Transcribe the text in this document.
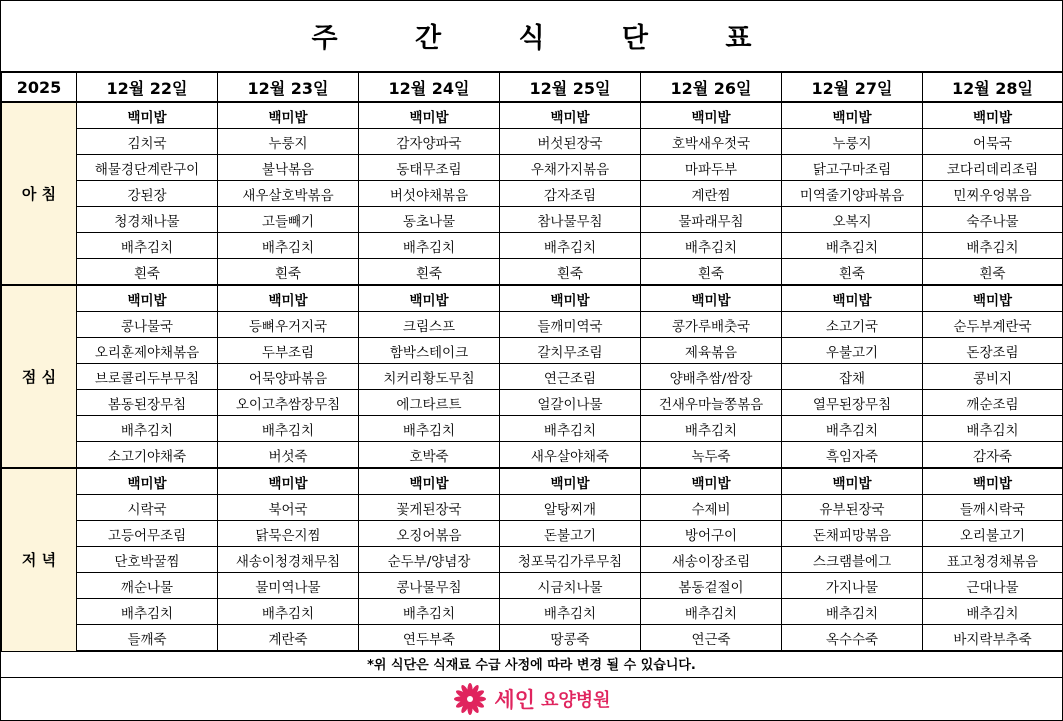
주 간 식 단 표
2025	12월 22일	12월 23일	12월 24일	12월 25일	12월 26일	12월 27일	12월 28일
아 침	백미밥	백미밥	백미밥	백미밥	백미밥	백미밥	백미밥
	김치국	누룽지	감자양파국	버섯된장국	호박새우젓국	누룽지	어묵국
	해물경단계란구이	불낙볶음	동태무조림	우채가지볶음	마파두부	닭고구마조림	코다리데리조림
	강된장	새우살호박볶음	버섯야채볶음	감자조림	계란찜	미역줄기양파볶음	민찌우엉볶음
	청경채나물	고들빼기	동초나물	참나물무침	물파래무침	오복지	숙주나물
	배추김치	배추김치	배추김치	배추김치	배추김치	배추김치	배추김치
	흰죽	흰죽	흰죽	흰죽	흰죽	흰죽	흰죽
점 심	백미밥	백미밥	백미밥	백미밥	백미밥	백미밥	백미밥
	콩나물국	등뼈우거지국	크림스프	들깨미역국	콩가루배춧국	소고기국	순두부계란국
	오리훈제야채볶음	두부조림	함박스테이크	갈치무조림	제육볶음	우불고기	돈장조림
	브로콜리두부무침	어묵양파볶음	치커리황도무침	연근조림	양배추쌈/쌈장	잡채	콩비지
	봄동된장무침	오이고추쌈장무침	에그타르트	얼갈이나물	건새우마늘쫑볶음	열무된장무침	깨순조림
	배추김치	배추김치	배추김치	배추김치	배추김치	배추김치	배추김치
	소고기야채죽	버섯죽	호박죽	새우살야채죽	녹두죽	흑임자죽	감자죽
저 녁	백미밥	백미밥	백미밥	백미밥	백미밥	백미밥	백미밥
	시락국	북어국	꽃게된장국	알탕찌개	수제비	유부된장국	들깨시락국
	고등어무조림	닭묵은지찜	오징어볶음	돈불고기	방어구이	돈채피망볶음	오리불고기
	단호박꿀찜	새송이청경채무침	순두부/양념장	청포묵김가루무침	새송이장조림	스크램블에그	표고청경채볶음
	깨순나물	물미역나물	콩나물무침	시금치나물	봄동겉절이	가지나물	근대나물
	배추김치	배추김치	배추김치	배추김치	배추김치	배추김치	배추김치
	들깨죽	계란죽	연두부죽	땅콩죽	연근죽	옥수수죽	바지락부추죽
*위 식단은 식재료 수급 사정에 따라 변경 될 수 있습니다.
세인 요양병원
